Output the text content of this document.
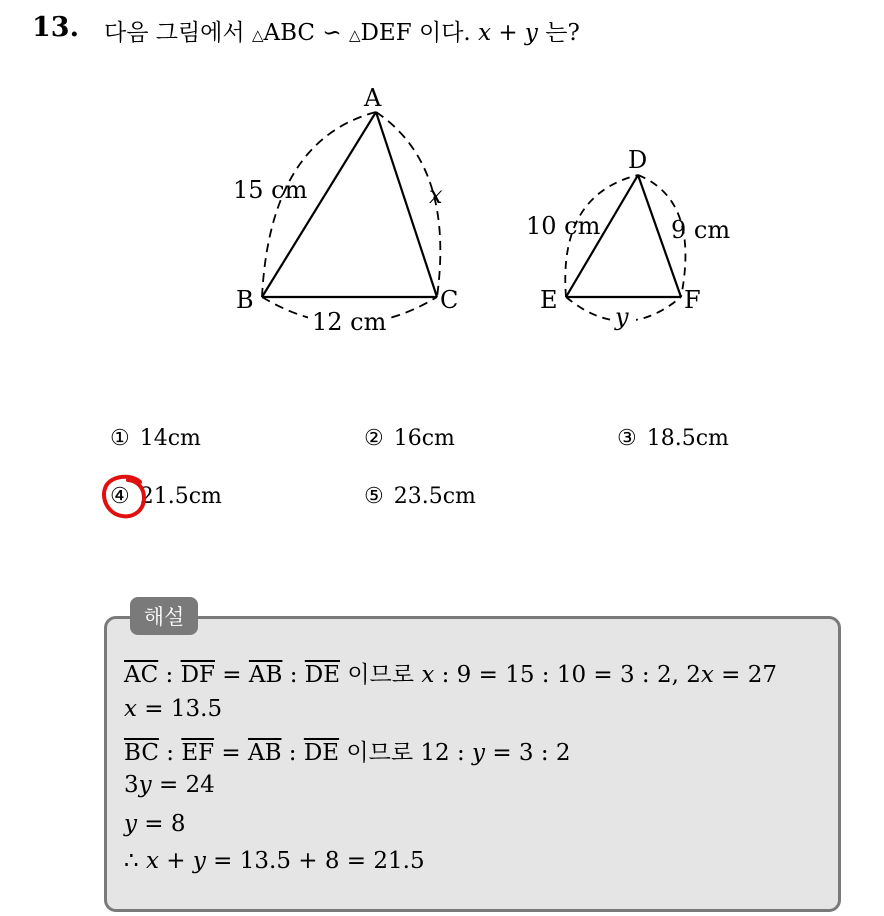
13. 다음 그림에서 △ABC ∽ △DEF 이다. x + y 는?
A
B	C
15 cm	x
12 cm
D
E	F
10 cm	9 cm
y
① 14cm	② 16cm	③ 18.5cm
④ 21.5cm	⑤ 23.5cm
해설
$\overline{AC}$ : $\overline{DF} = \overline{AB}$ : $\overline{DE}$ 이므로 x : 9 = 15 : 10 = 3 : 2, 2x = 27
x = 13.5
$\overline{BC}$ : $\overline{EF} = \overline{AB}$ : $\overline{DE}$ 이므로 12 : y = 3 : 2
3y = 24
y = 8
∴ x + y = 13.5 + 8 = 21.5
